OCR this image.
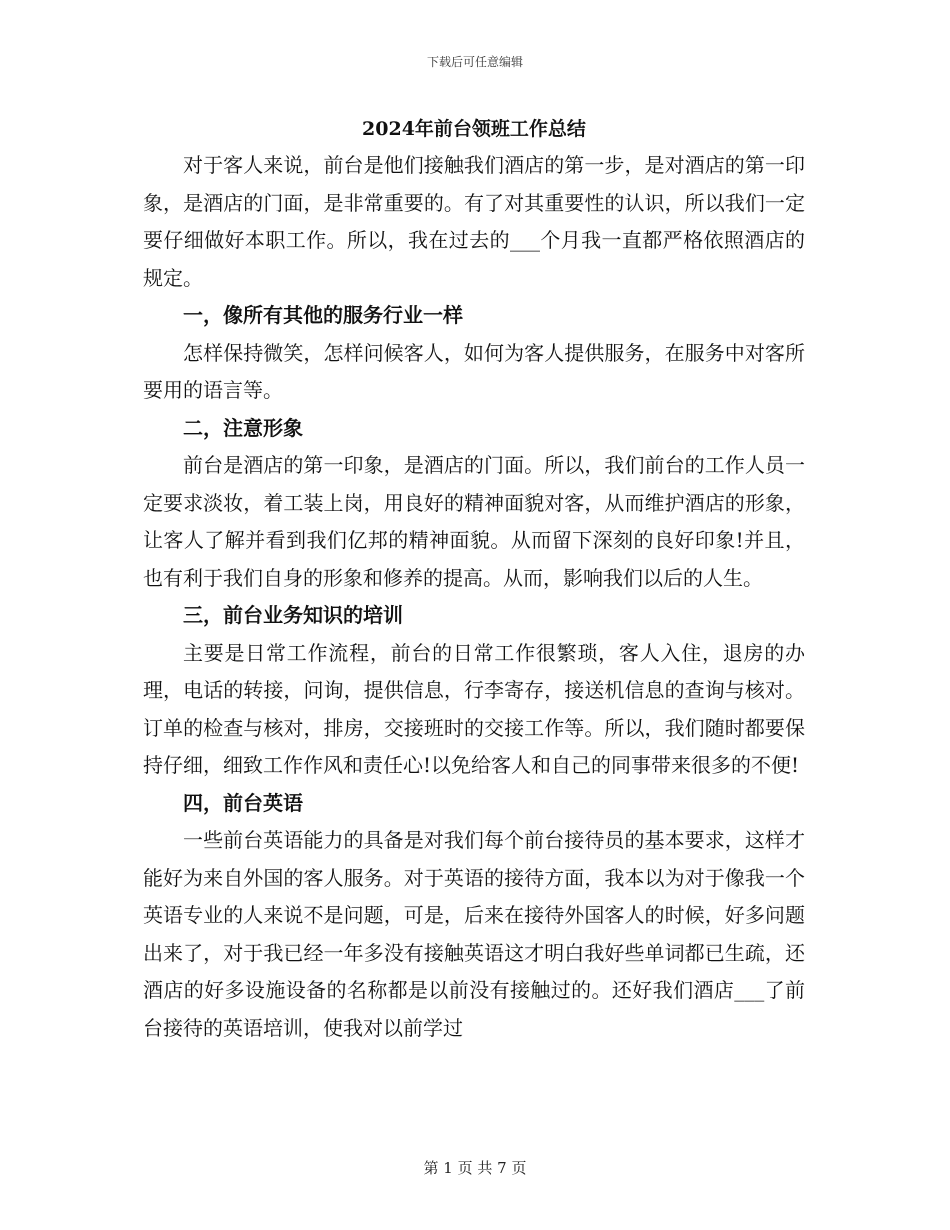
下载后可任意编辑

2024年前台领班工作总结

对于客人来说，前台是他们接触我们酒店的第一步，是对酒店的第一印象，是酒店的门面，是非常重要的。有了对其重要性的认识，所以我们一定要仔细做好本职工作。所以，我在过去的___个月我一直都严格依照酒店的规定。

一，像所有其他的服务行业一样

怎样保持微笑，怎样问候客人，如何为客人提供服务，在服务中对客所要用的语言等。

二，注意形象

前台是酒店的第一印象，是酒店的门面。所以，我们前台的工作人员一定要求淡妆，着工装上岗，用良好的精神面貌对客，从而维护酒店的形象，让客人了解并看到我们亿邦的精神面貌。从而留下深刻的良好印象!并且，也有利于我们自身的形象和修养的提高。从而，影响我们以后的人生。

三，前台业务知识的培训

主要是日常工作流程，前台的日常工作很繁琐，客人入住，退房的办理，电话的转接，问询，提供信息，行李寄存，接送机信息的查询与核对。订单的检查与核对，排房，交接班时的交接工作等。所以，我们随时都要保持仔细，细致工作作风和责任心!以免给客人和自己的同事带来很多的不便!

四，前台英语

一些前台英语能力的具备是对我们每个前台接待员的基本要求，这样才能好为来自外国的客人服务。对于英语的接待方面，我本以为对于像我一个英语专业的人来说不是问题，可是，后来在接待外国客人的时候，好多问题出来了，对于我已经一年多没有接触英语这才明白我好些单词都已生疏，还酒店的好多设施设备的名称都是以前没有接触过的。还好我们酒店___了前台接待的英语培训，使我对以前学过

第 1 页 共 7 页
